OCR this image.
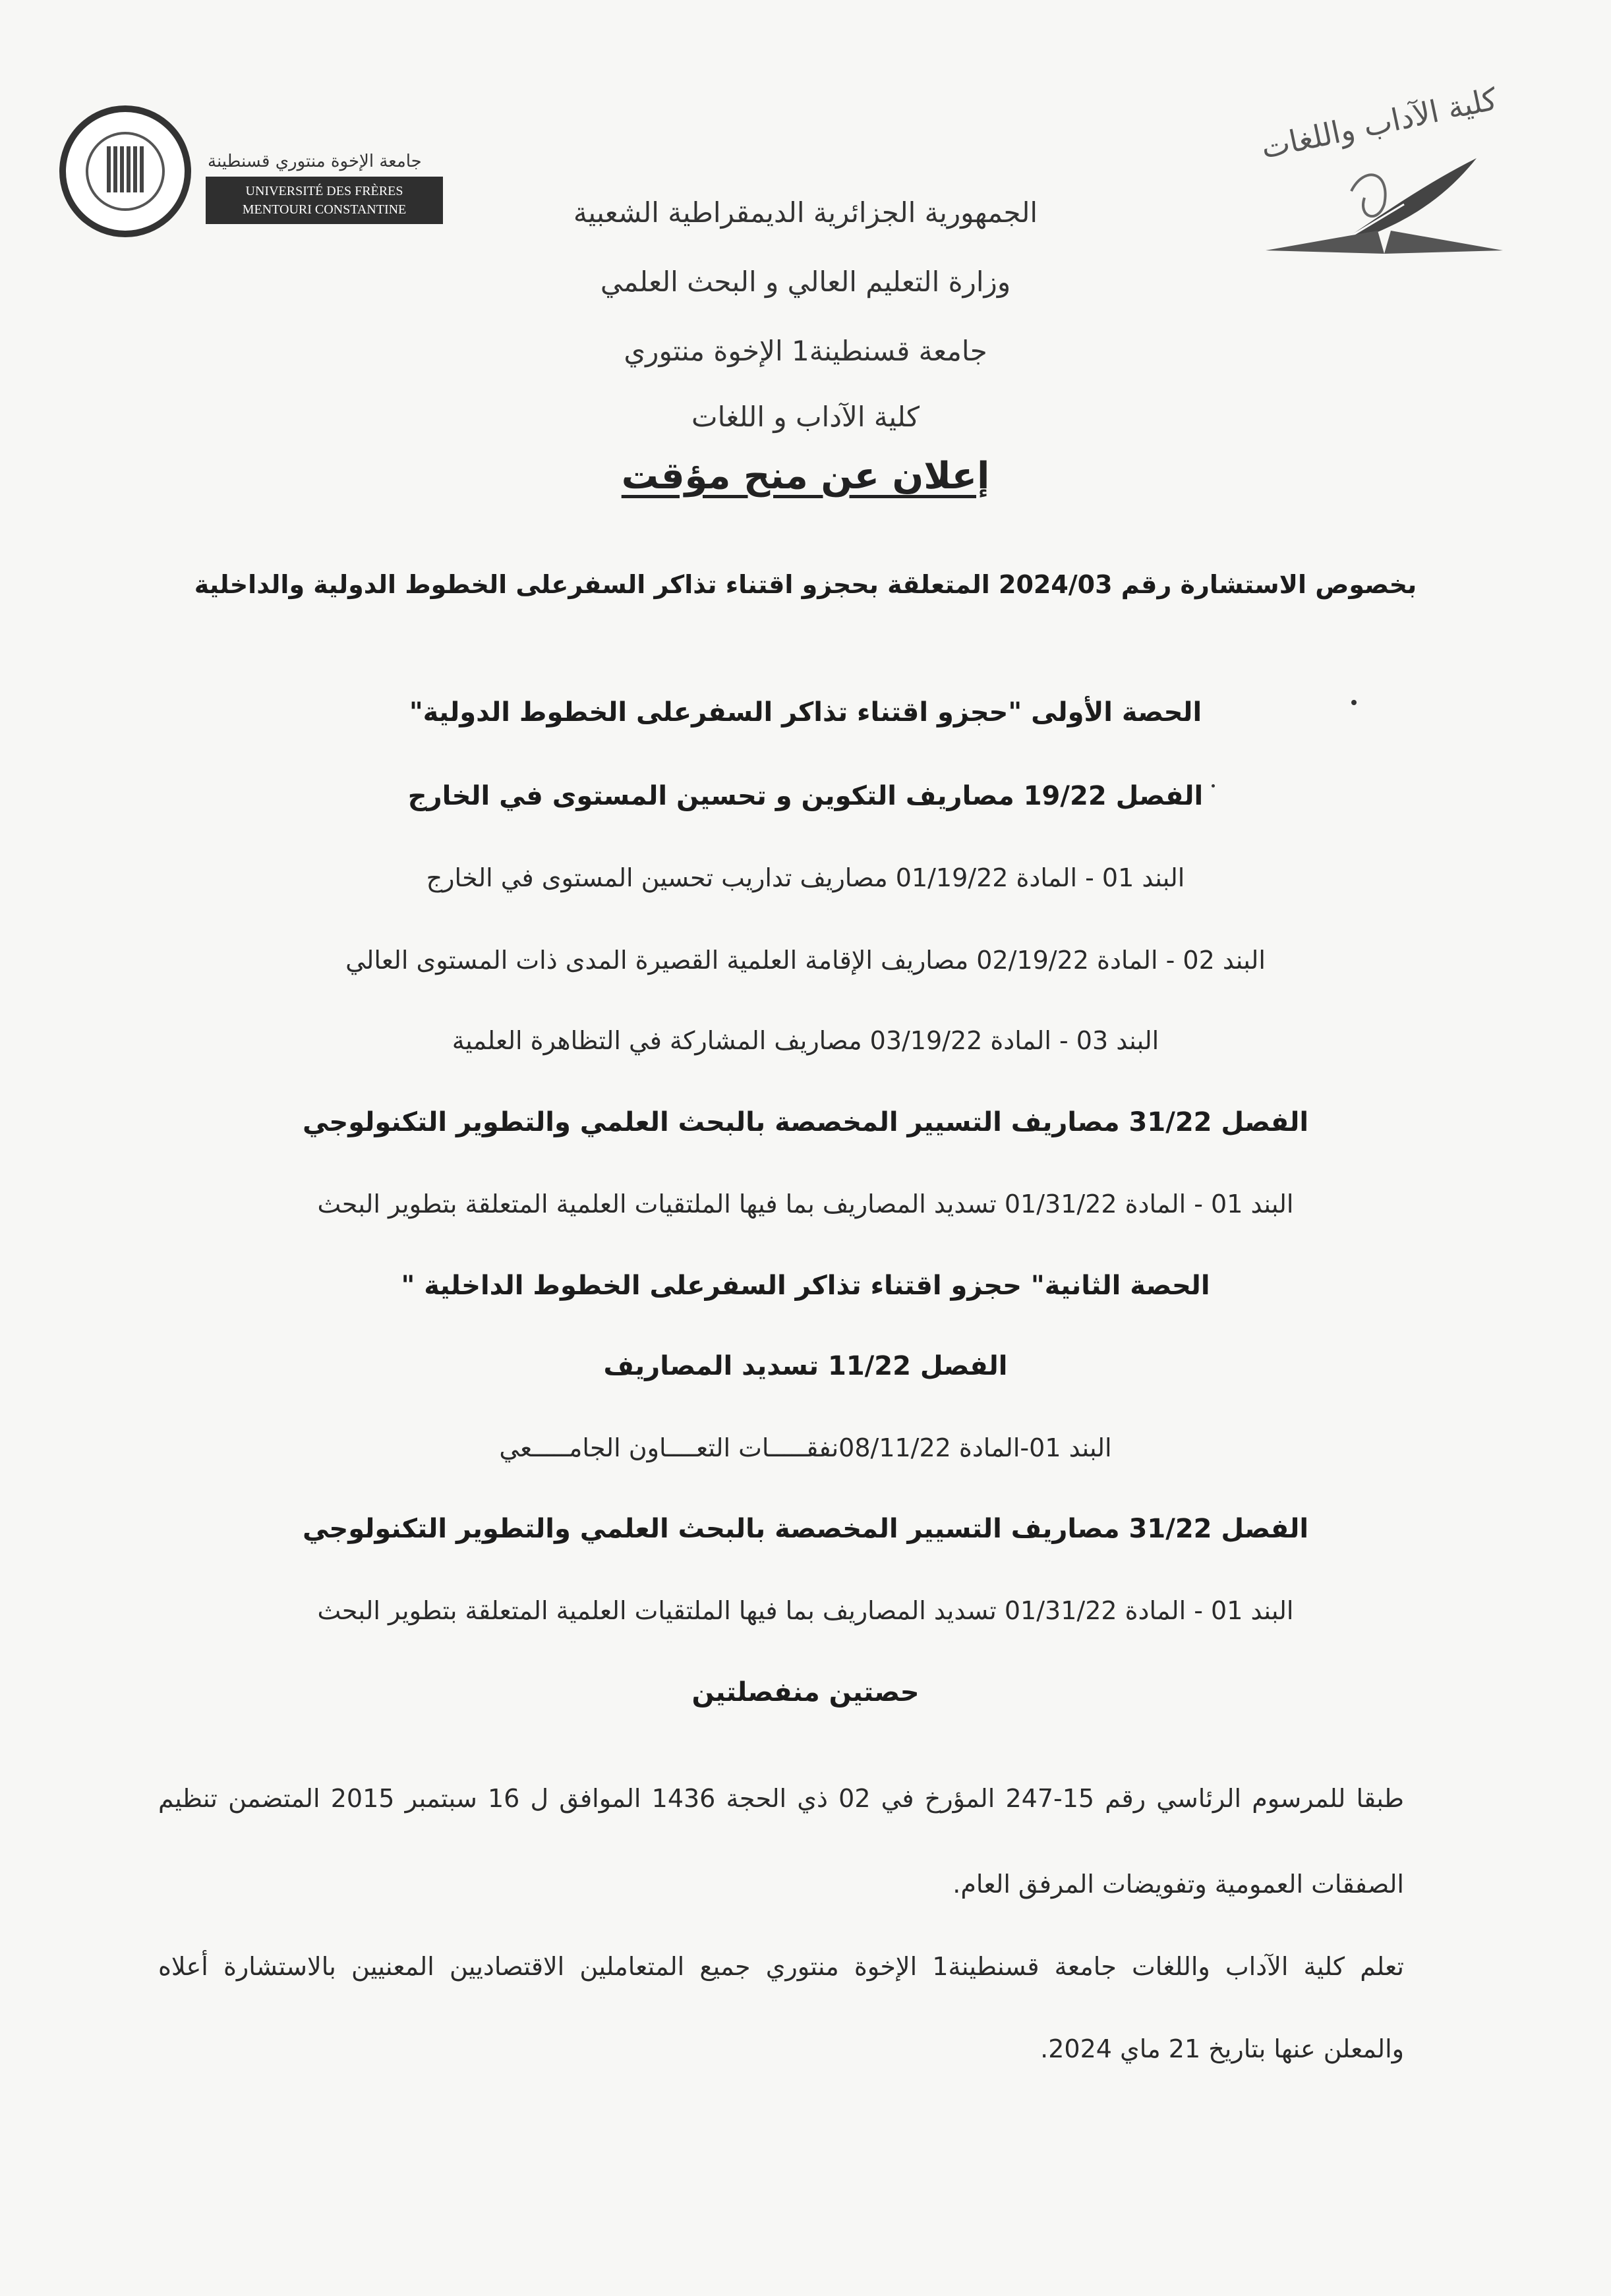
جامعة الإخوة منتوري قسنطينة
UNIVERSITÉ DES FRÈRES
MENTOURI CONSTANTINE
كلية الآداب واللغات
الجمهورية الجزائرية الديمقراطية الشعبية
وزارة التعليم العالي و البحث العلمي
جامعة قسنطينة1 الإخوة منتوري
كلية الآداب و اللغات
إعلان عن منح مؤقت
بخصوص الاستشارة رقم 2024/03 المتعلقة بحجزو اقتناء تذاكر السفرعلى الخطوط الدولية والداخلية
الحصة الأولى "حجزو اقتناء تذاكر السفرعلى الخطوط الدولية"
الفصل 19/22 مصاريف التكوين و تحسين المستوى في الخارج
البند 01 - المادة 01/19/22 مصاريف تداريب تحسين المستوى في الخارج
البند 02 - المادة 02/19/22 مصاريف الإقامة العلمية القصيرة المدى ذات المستوى العالي
البند 03 - المادة 03/19/22 مصاريف المشاركة في التظاهرة العلمية
الفصل 31/22 مصاريف التسيير المخصصة بالبحث العلمي والتطوير التكنولوجي
البند 01 - المادة 01/31/22 تسديد المصاريف بما فيها الملتقيات العلمية المتعلقة بتطوير البحث
الحصة الثانية" حجزو اقتناء تذاكر السفرعلى الخطوط الداخلية "
الفصل 11/22 تسديد المصاريف
البند 01-المادة 08/11/22نفقـــــات التعــــاون الجامـــــعي
الفصل 31/22 مصاريف التسيير المخصصة بالبحث العلمي والتطوير التكنولوجي
البند 01 - المادة 01/31/22 تسديد المصاريف بما فيها الملتقيات العلمية المتعلقة بتطوير البحث
حصتين منفصلتين
طبقا للمرسوم الرئاسي رقم 15-247 المؤرخ في 02 ذي الحجة 1436 الموافق ل 16 سبتمبر 2015 المتضمن تنظيم
الصفقات العمومية وتفويضات المرفق العام.
تعلم كلية الآداب واللغات جامعة قسنطينة1 الإخوة منتوري جميع المتعاملين الاقتصاديين المعنيين بالاستشارة أعلاه
والمعلن عنها بتاريخ 21 ماي 2024.
